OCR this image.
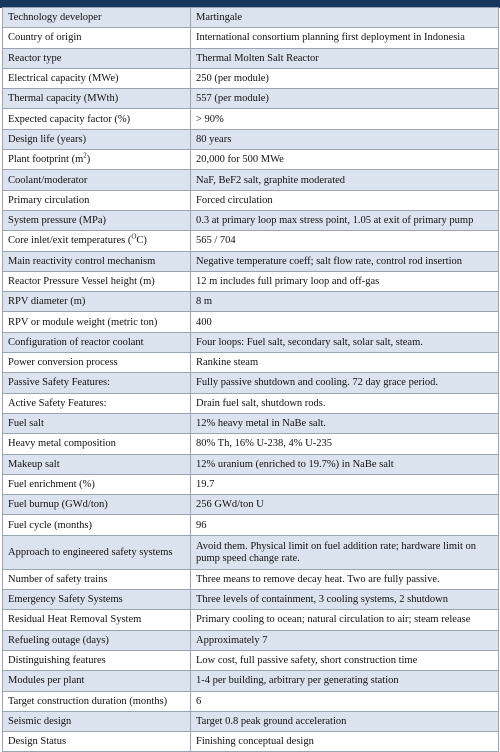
Technology developer	Martingale
Country of origin	International consortium planning first deployment in Indonesia
Reactor type	Thermal Molten Salt Reactor
Electrical capacity (MWe)	250 (per module)
Thermal capacity (MWth)	557 (per module)
Expected capacity factor (%)	> 90%
Design life (years)	80 years
Plant footprint $(m^2)$	20,000 for 500 MWe
Coolant/moderator	NaF, BeF2 salt, graphite moderated
Primary circulation	Forced circulation
System pressure (MPa)	0.3 at primary loop max stress point, 1.05 at exit of primary pump
Core inlet/exit temperatures ($^O$C)	565 / 704
Main reactivity control mechanism	Negative temperature coeff; salt flow rate, control rod insertion
Reactor Pressure Vessel height (m)	12 m includes full primary loop and off-gas
RPV diameter (m)	8 m
RPV or module weight (metric ton)	400
Configuration of reactor coolant	Four loops: Fuel salt, secondary salt, solar salt, steam.
Power conversion process	Rankine steam
Passive Safety Features:	Fully passive shutdown and cooling. 72 day grace period.
Active Safety Features:	Drain fuel salt, shutdown rods.
Fuel salt	12% heavy metal in NaBe salt.
Heavy metal composition	80% Th, 16% U-238, 4% U-235
Makeup salt	12% uranium (enriched to 19.7%) in NaBe salt
Fuel enrichment (%)	19.7
Fuel burnup (GWd/ton)	256 GWd/ton U
Fuel cycle (months)	96
Approach to engineered safety systems	Avoid them. Physical limit on fuel addition rate; hardware limit on pump speed change rate.
Number of safety trains	Three means to remove decay heat. Two are fully passive.
Emergency Safety Systems	Three levels of containment, 3 cooling systems, 2 shutdown
Residual Heat Removal System	Primary cooling to ocean; natural circulation to air; steam release
Refueling outage (days)	Approximately 7
Distinguishing features	Low cost, full passive safety, short construction time
Modules per plant	1-4 per building, arbitrary per generating station
Target construction duration (months)	6
Seismic design	Target 0.8 peak ground acceleration
Design Status	Finishing conceptual design
